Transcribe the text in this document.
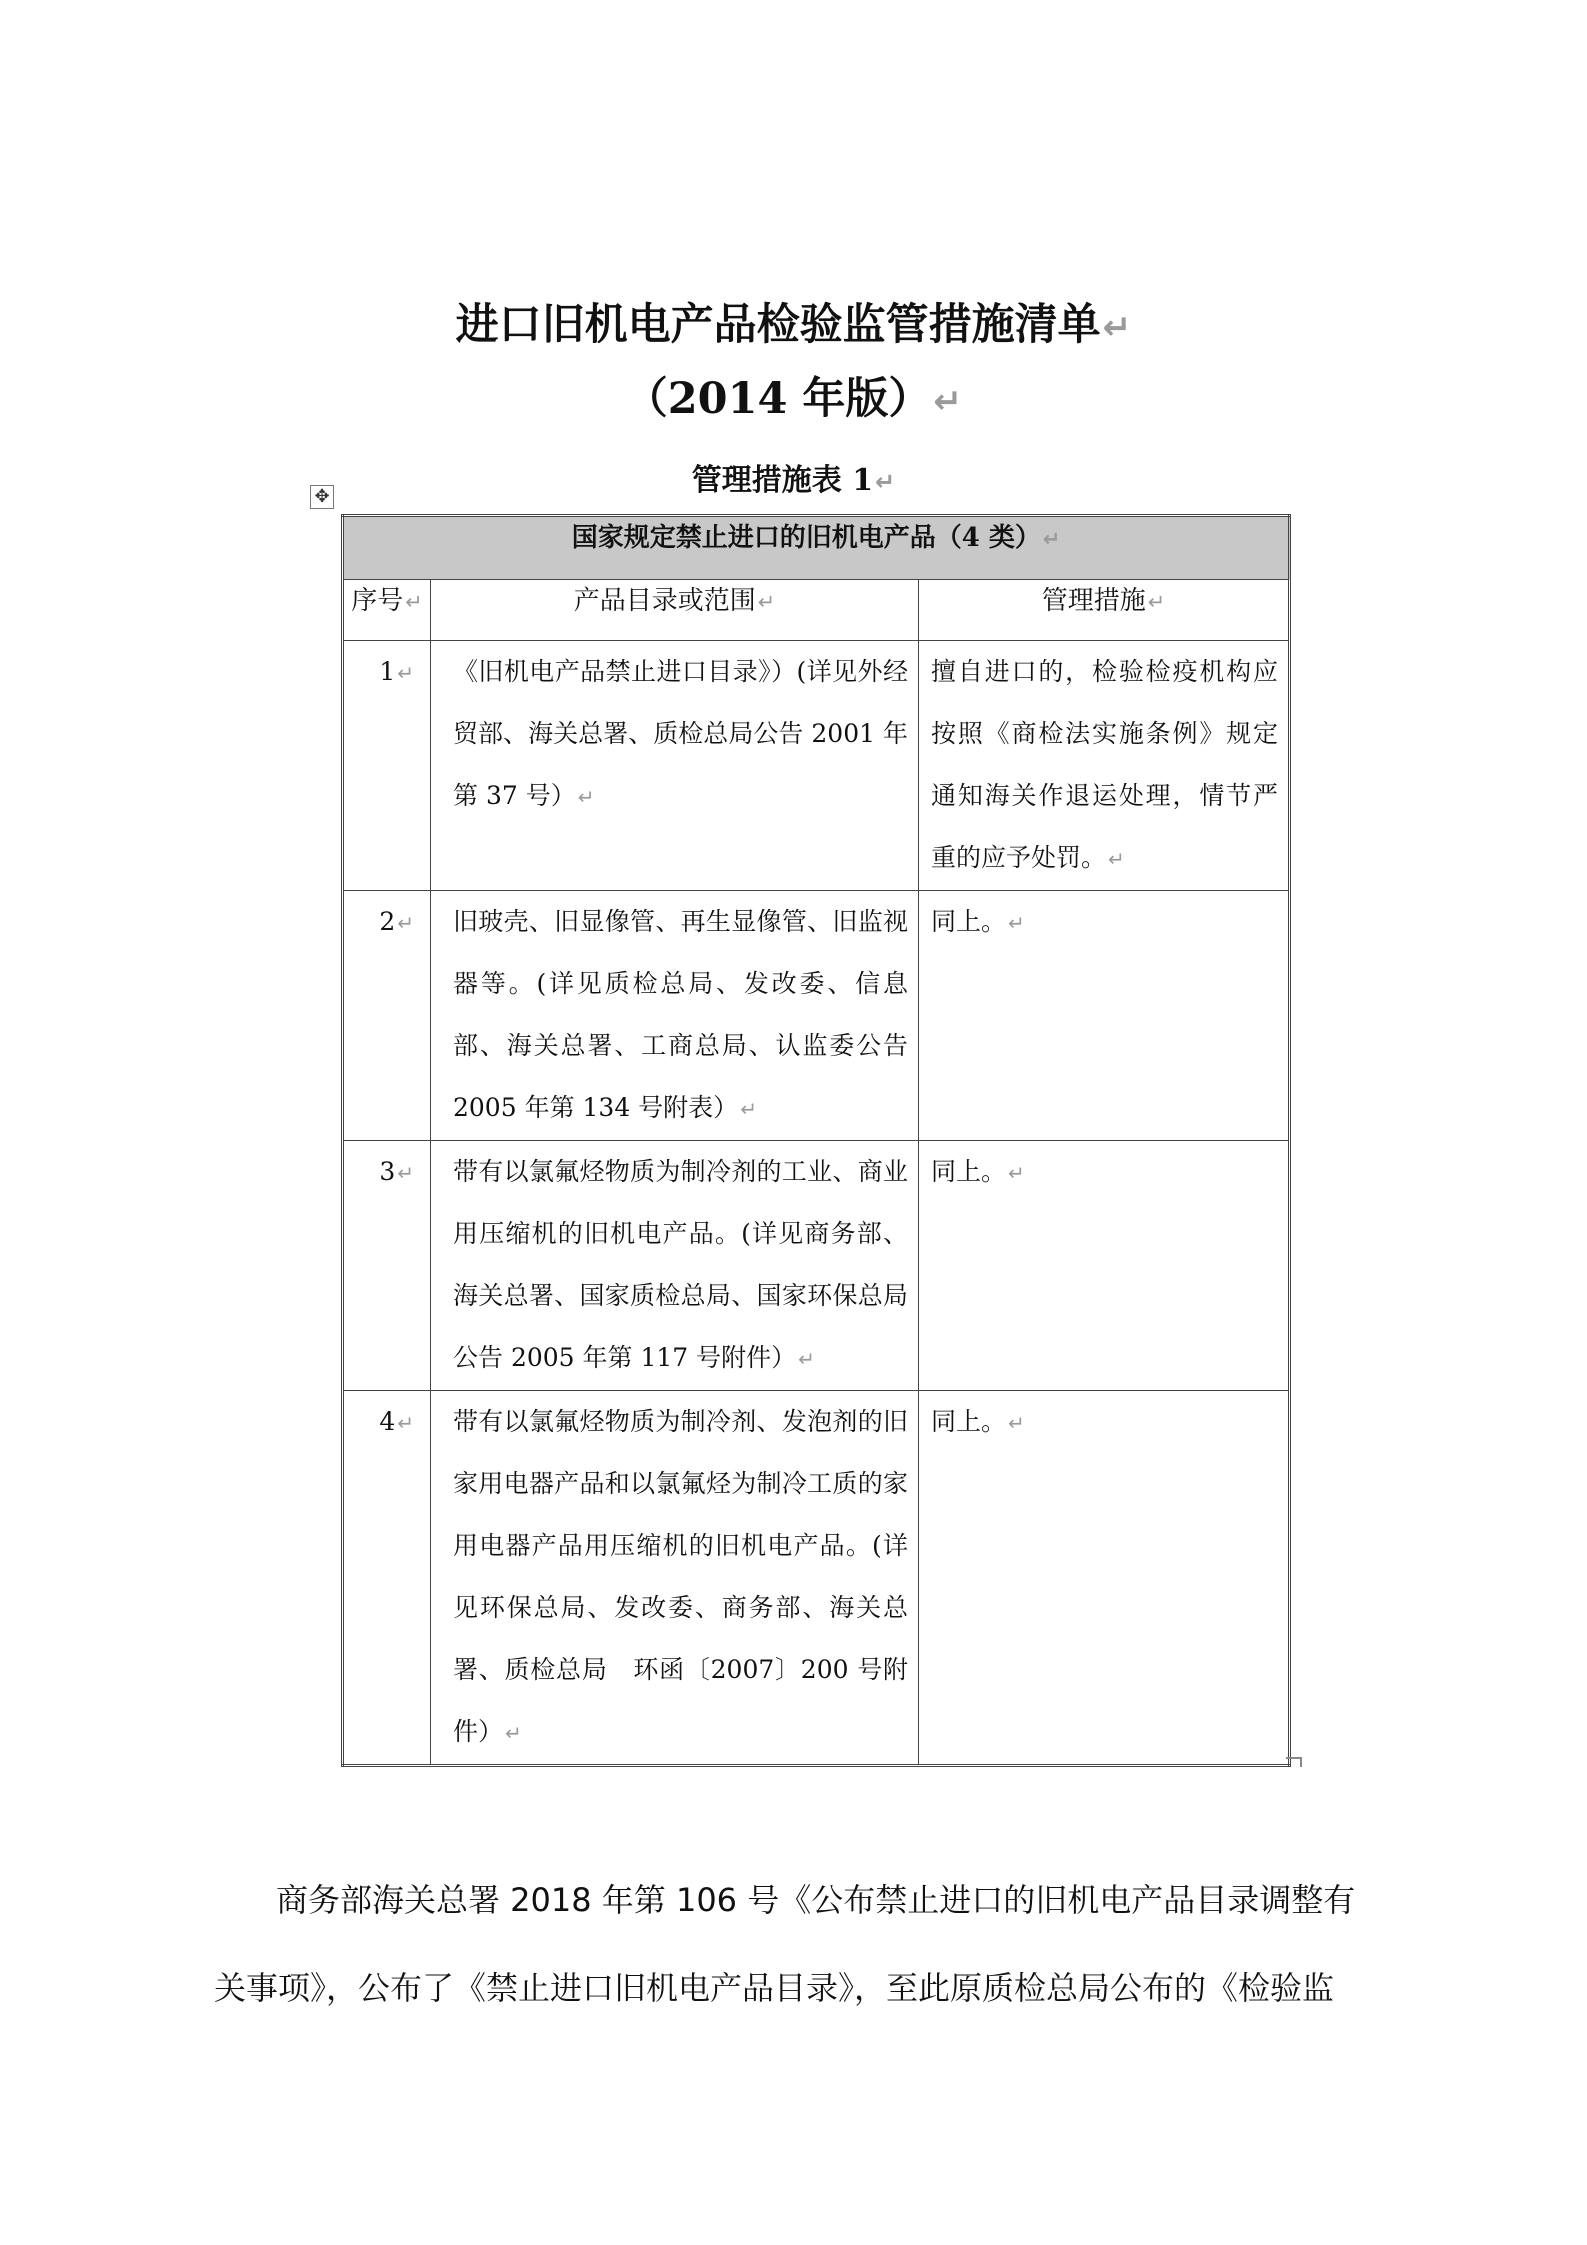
进口旧机电产品检验监管措施清单↵
（2014 年版）↵
管理措施表 1↵
✥
国家规定禁止进口的旧机电产品（4 类）↵		
序号↵	产品目录或范围↵	管理措施↵
1 ↵	《旧机电产品禁止进口目录》）(详见外经贸部、海关总署、质检总局公告 2001 年第 37 号） ↵	擅自进口的，检验检疫机构应按照《商检法实施条例》规定通知海关作退运处理，情节严重的应予处罚。 ↵
2 ↵	旧玻壳、旧显像管、再生显像管、旧监视器等。(详见质检总局、发改委、信息部、海关总署、工商总局、认监委公告 2005 年第 134 号附表） ↵	同上。 ↵
3 ↵	带有以氯氟烃物质为制冷剂的工业、商业用压缩机的旧机电产品。(详见商务部、海关总署、国家质检总局、国家环保总局公告 2005 年第 117 号附件） ↵	同上。 ↵
4 ↵	带有以氯氟烃物质为制冷剂、发泡剂的旧家用电器产品和以氯氟烃为制冷工质的家用电器产品用压缩机的旧机电产品。(详见环保总局、发改委、商务部、海关总署、质检总局　环函〔2007〕200 号附件） ↵	同上。 ↵
商务部海关总署 2018 年第 106 号《公布禁止进口的旧机电产品目录调整有
关事项》，公布了《禁止进口旧机电产品目录》，至此原质检总局公布的《检验监
